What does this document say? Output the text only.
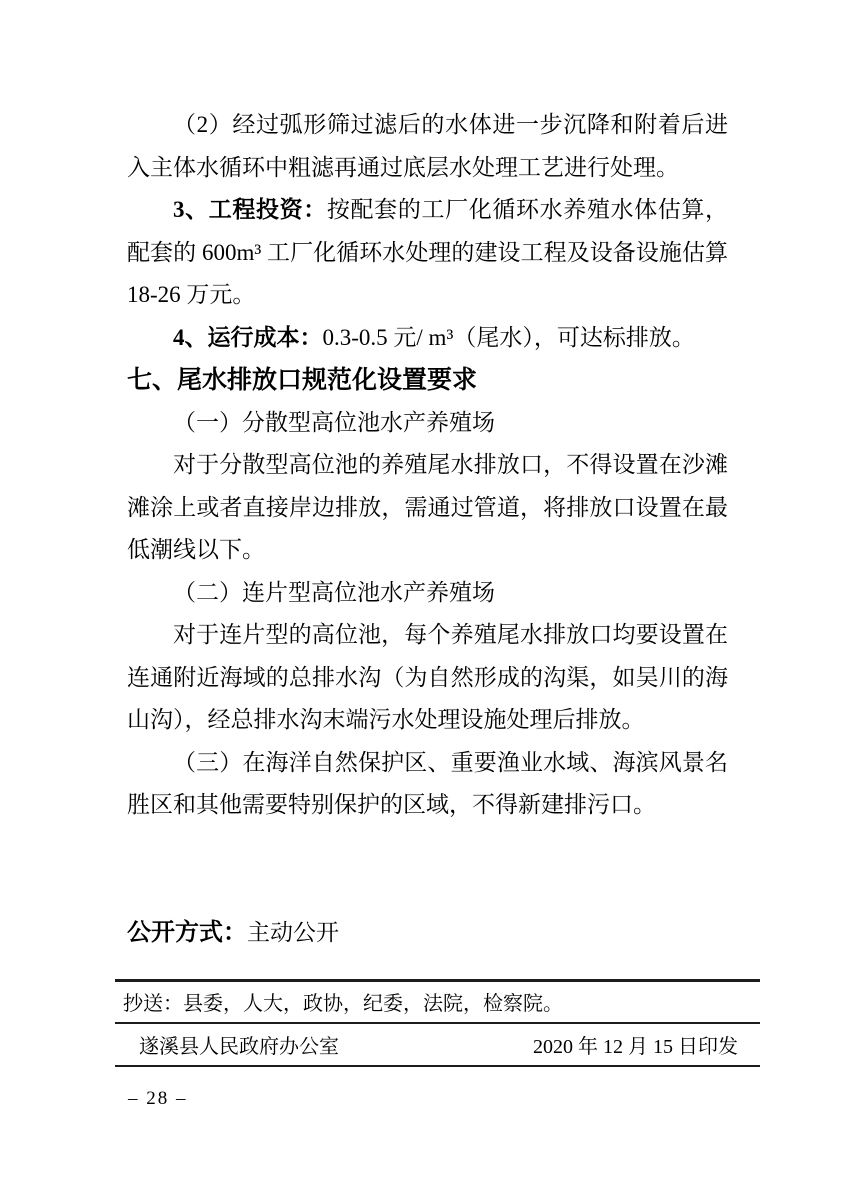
（2）经过弧形筛过滤后的水体进一步沉降和附着后进入主体水循环中粗滤再通过底层水处理工艺进行处理。

3、工程投资：按配套的工厂化循环水养殖水体估算，配套的 600m³ 工厂化循环水处理的建设工程及设备设施估算 18-26 万元。

4、运行成本：0.3-0.5 元/ m³（尾水），可达标排放。

七、尾水排放口规范化设置要求

（一）分散型高位池水产养殖场

对于分散型高位池的养殖尾水排放口，不得设置在沙滩滩涂上或者直接岸边排放，需通过管道，将排放口设置在最低潮线以下。

（二）连片型高位池水产养殖场

对于连片型的高位池，每个养殖尾水排放口均要设置在连通附近海域的总排水沟（为自然形成的沟渠，如吴川的海山沟），经总排水沟末端污水处理设施处理后排放。

（三）在海洋自然保护区、重要渔业水域、海滨风景名胜区和其他需要特别保护的区域，不得新建排污口。

公开方式：主动公开
抄送：县委，人大，政协，纪委，法院，检察院。
遂溪县人民政府办公室	2020 年 12 月 15 日印发
– 28 –
